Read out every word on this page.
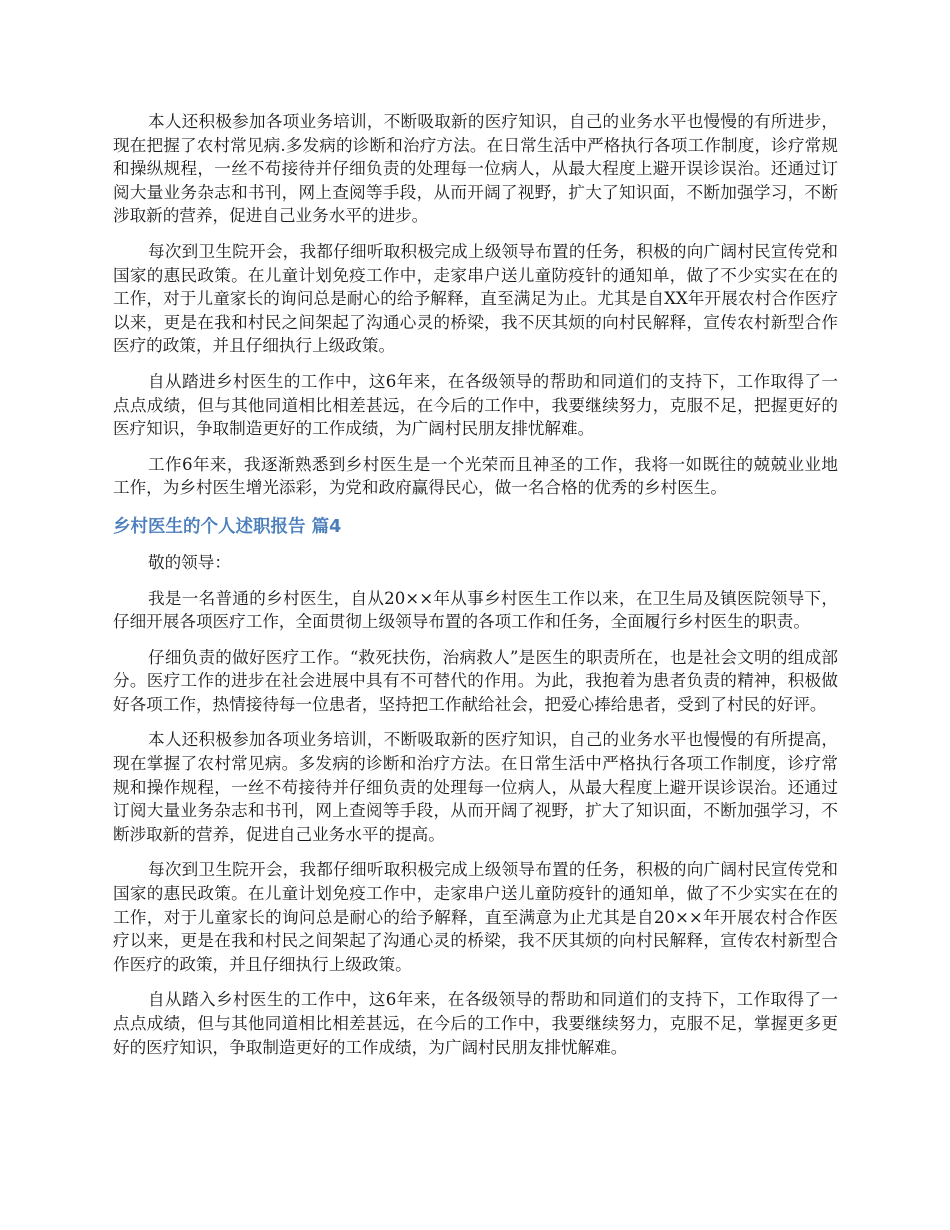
本人还积极参加各项业务培训，不断吸取新的医疗知识，自己的业务水平也慢慢的有所进步，现在把握了农村常见病.多发病的诊断和治疗方法。在日常生活中严格执行各项工作制度，诊疗常规和操纵规程，一丝不苟接待并仔细负责的处理每一位病人，从最大程度上避开误诊误治。还通过订阅大量业务杂志和书刊，网上查阅等手段，从而开阔了视野，扩大了知识面，不断加强学习，不断涉取新的营养，促进自己业务水平的进步。

每次到卫生院开会，我都仔细听取积极完成上级领导布置的任务，积极的向广阔村民宣传党和国家的惠民政策。在儿童计划免疫工作中，走家串户送儿童防疫针的通知单，做了不少实实在在的工作，对于儿童家长的询问总是耐心的给予解释，直至满足为止。尤其是自XX年开展农村合作医疗以来，更是在我和村民之间架起了沟通心灵的桥梁，我不厌其烦的向村民解释，宣传农村新型合作医疗的政策，并且仔细执行上级政策。

自从踏进乡村医生的工作中，这6年来，在各级领导的帮助和同道们的支持下，工作取得了一点点成绩，但与其他同道相比相差甚远，在今后的工作中，我要继续努力，克服不足，把握更好的医疗知识，争取制造更好的工作成绩，为广阔村民朋友排忧解难。

工作6年来，我逐渐熟悉到乡村医生是一个光荣而且神圣的工作，我将一如既往的兢兢业业地工作，为乡村医生增光添彩，为党和政府赢得民心，做一名合格的优秀的乡村医生。

乡村医生的个人述职报告 篇4

敬的领导：

我是一名普通的乡村医生，自从20××年从事乡村医生工作以来，在卫生局及镇医院领导下，仔细开展各项医疗工作，全面贯彻上级领导布置的各项工作和任务，全面履行乡村医生的职责。

仔细负责的做好医疗工作。“救死扶伤，治病救人”是医生的职责所在，也是社会文明的组成部分。医疗工作的进步在社会进展中具有不可替代的作用。为此，我抱着为患者负责的精神，积极做好各项工作，热情接待每一位患者，坚持把工作献给社会，把爱心捧给患者，受到了村民的好评。

本人还积极参加各项业务培训，不断吸取新的医疗知识，自己的业务水平也慢慢的有所提高，现在掌握了农村常见病。多发病的诊断和治疗方法。在日常生活中严格执行各项工作制度，诊疗常规和操作规程，一丝不苟接待并仔细负责的处理每一位病人，从最大程度上避开误诊误治。还通过订阅大量业务杂志和书刊，网上查阅等手段，从而开阔了视野，扩大了知识面，不断加强学习，不断涉取新的营养，促进自己业务水平的提高。

每次到卫生院开会，我都仔细听取积极完成上级领导布置的任务，积极的向广阔村民宣传党和国家的惠民政策。在儿童计划免疫工作中，走家串户送儿童防疫针的通知单，做了不少实实在在的工作，对于儿童家长的询问总是耐心的给予解释，直至满意为止尤其是自20××年开展农村合作医疗以来，更是在我和村民之间架起了沟通心灵的桥梁，我不厌其烦的向村民解释，宣传农村新型合作医疗的政策，并且仔细执行上级政策。

自从踏入乡村医生的工作中，这6年来，在各级领导的帮助和同道们的支持下，工作取得了一点点成绩，但与其他同道相比相差甚远，在今后的工作中，我要继续努力，克服不足，掌握更多更好的医疗知识，争取制造更好的工作成绩，为广阔村民朋友排忧解难。
